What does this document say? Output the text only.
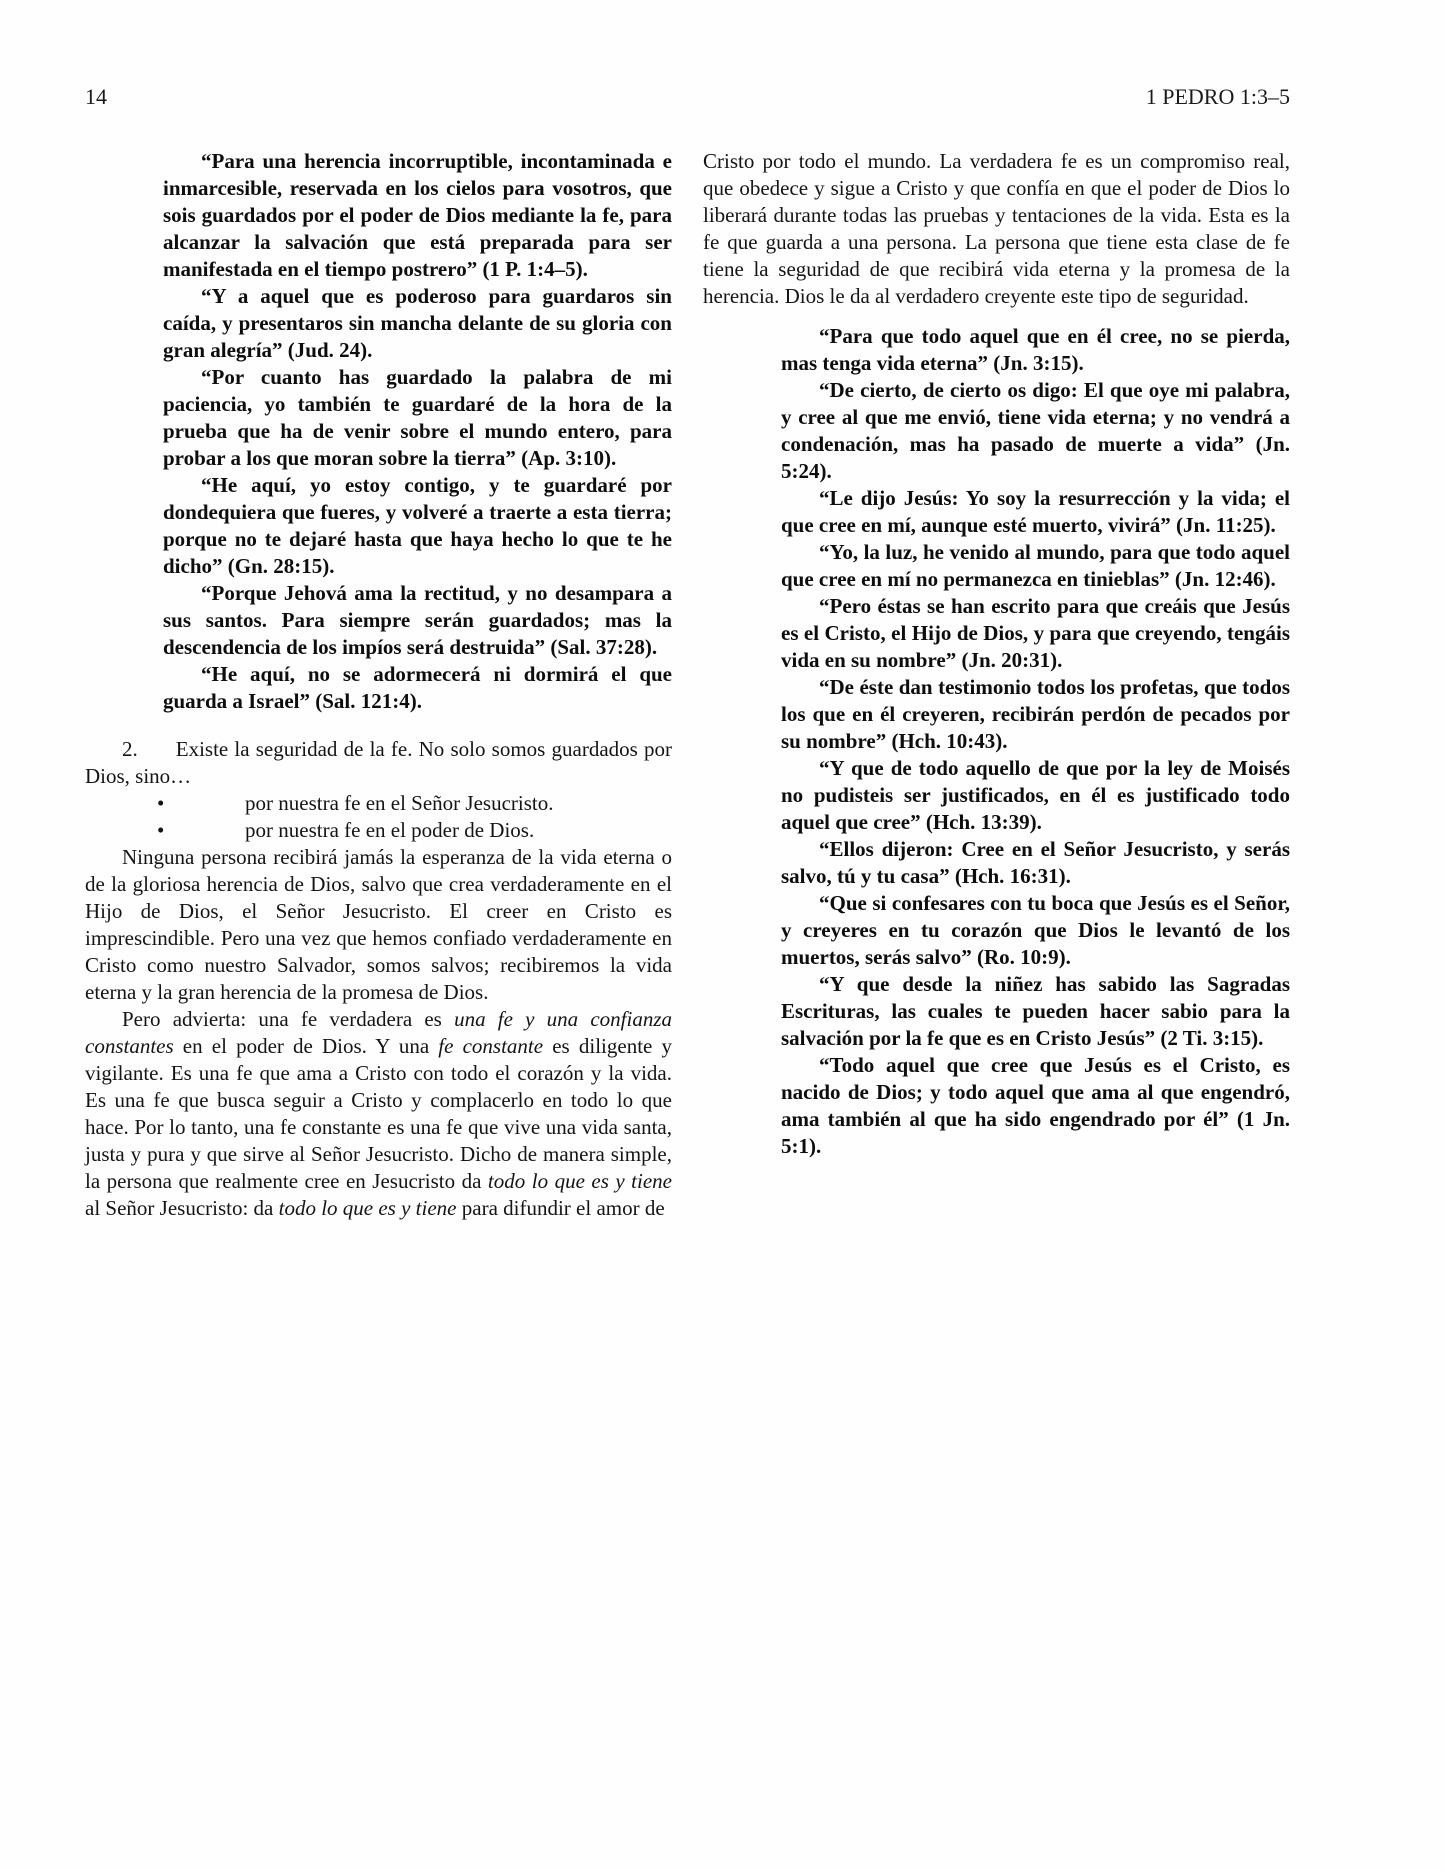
14	1 PEDRO 1:3–5
“Para una herencia incorruptible, incontaminada e inmarcesible, reservada en los cielos para vosotros, que sois guardados por el poder de Dios mediante la fe, para alcanzar la salvación que está preparada para ser manifestada en el tiempo postrero” (1 P. 1:4–5).
“Y a aquel que es poderoso para guardaros sin caída, y presentaros sin mancha delante de su gloria con gran alegría” (Jud. 24).
“Por cuanto has guardado la palabra de mi paciencia, yo también te guardaré de la hora de la prueba que ha de venir sobre el mundo entero, para probar a los que moran sobre la tierra” (Ap. 3:10).
“He aquí, yo estoy contigo, y te guardaré por dondequiera que fueres, y volveré a traerte a esta tierra; porque no te dejaré hasta que haya hecho lo que te he dicho” (Gn. 28:15).
“Porque Jehová ama la rectitud, y no desampara a sus santos. Para siempre serán guardados; mas la descendencia de los impíos será destruida” (Sal. 37:28).
“He aquí, no se adormecerá ni dormirá el que guarda a Israel” (Sal. 121:4).

2. Existe la seguridad de la fe. No solo somos guardados por Dios, sino…

•	por nuestra fe en el Señor Jesucristo.
•	por nuestra fe en el poder de Dios.

Ninguna persona recibirá jamás la esperanza de la vida eterna o de la gloriosa herencia de Dios, salvo que crea verdaderamente en el Hijo de Dios, el Señor Jesucristo. El creer en Cristo es imprescindible. Pero una vez que hemos confiado verdaderamente en Cristo como nuestro Salvador, somos salvos; recibiremos la vida eterna y la gran herencia de la promesa de Dios.

Pero advierta: una fe verdadera es una fe y una confianza constantes en el poder de Dios. Y una fe constante es diligente y vigilante. Es una fe que ama a Cristo con todo el corazón y la vida. Es una fe que busca seguir a Cristo y complacerlo en todo lo que hace. Por lo tanto, una fe constante es una fe que vive una vida santa, justa y pura y que sirve al Señor Jesucristo. Dicho de manera simple, la persona que realmente cree en Jesucristo da todo lo que es y tiene al Señor Jesucristo: da todo lo que es y tiene para difundir el amor de

Cristo por todo el mundo. La verdadera fe es un compromiso real, que obedece y sigue a Cristo y que confía en que el poder de Dios lo liberará durante todas las pruebas y tentaciones de la vida. Esta es la fe que guarda a una persona. La persona que tiene esta clase de fe tiene la seguridad de que recibirá vida eterna y la promesa de la herencia. Dios le da al verdadero creyente este tipo de seguridad.

“Para que todo aquel que en él cree, no se pierda, mas tenga vida eterna” (Jn. 3:15).
“De cierto, de cierto os digo: El que oye mi palabra, y cree al que me envió, tiene vida eterna; y no vendrá a condenación, mas ha pasado de muerte a vida” (Jn. 5:24).
“Le dijo Jesús: Yo soy la resurrección y la vida; el que cree en mí, aunque esté muerto, vivirá” (Jn. 11:25).
“Yo, la luz, he venido al mundo, para que todo aquel que cree en mí no permanezca en tinieblas” (Jn. 12:46).
“Pero éstas se han escrito para que creáis que Jesús es el Cristo, el Hijo de Dios, y para que creyendo, tengáis vida en su nombre” (Jn. 20:31).
“De éste dan testimonio todos los profetas, que todos los que en él creyeren, recibirán perdón de pecados por su nombre” (Hch. 10:43).
“Y que de todo aquello de que por la ley de Moisés no pudisteis ser justificados, en él es justificado todo aquel que cree” (Hch. 13:39).
“Ellos dijeron: Cree en el Señor Jesucristo, y serás salvo, tú y tu casa” (Hch. 16:31).
“Que si confesares con tu boca que Jesús es el Señor, y creyeres en tu corazón que Dios le levantó de los muertos, serás salvo” (Ro. 10:9).
“Y que desde la niñez has sabido las Sagradas Escrituras, las cuales te pueden hacer sabio para la salvación por la fe que es en Cristo Jesús” (2 Ti. 3:15).
“Todo aquel que cree que Jesús es el Cristo, es nacido de Dios; y todo aquel que ama al que engendró, ama también al que ha sido engendrado por él” (1 Jn. 5:1).
